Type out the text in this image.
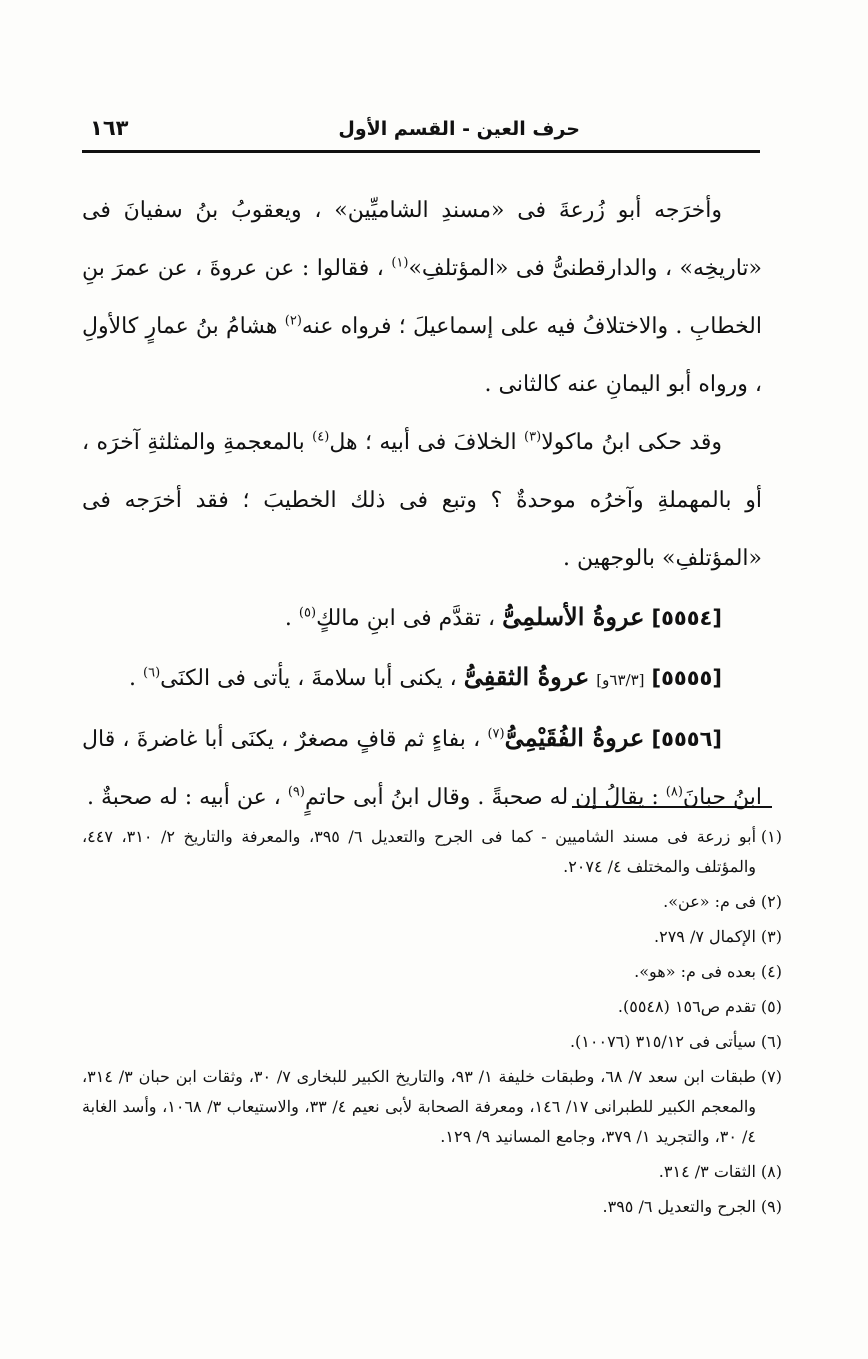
حرف العين - القسم الأول
١٦٣

وأخرَجه أبو زُرعةَ فى «مسندِ الشاميِّين» ، ويعقوبُ بنُ سفيانَ فى «تاريخِه» ، والدارقطنىُّ فى «المؤتلفِ»$^{(١)}$ ، فقالوا : عن عروةَ ، عن عمرَ بنِ الخطابِ . والاختلافُ فيه على إسماعيلَ ؛ فرواه عنه$^{(٢)}$ هشامُ بنُ عمارٍ كالأولِ ، ورواه أبو اليمانِ عنه كالثانى .

وقد حكى ابنُ ماكولا$^{(٣)}$ الخلافَ فى أبيه ؛ هل$^{(٤)}$ بالمعجمةِ والمثلثةِ آخرَه ، أو بالمهملةِ وآخرُه موحدةٌ ؟ وتبع فى ذلك الخطيبَ ؛ فقد أخرَجه فى «المؤتلفِ» بالوجهين .

[٥٥٥٤] عروةُ الأسلمِىُّ ، تقدَّم فى ابنِ مالكٍ$^{(٥)}$ .

[٥٥٥٥] [٦٣/٣و] عروةُ الثقفِىُّ ، يكنى أبا سلامةَ ، يأتى فى الكنَى$^{(٦)}$ .

[٥٥٥٦] عروةُ الفُقَيْمِىُّ$^{(٧)}$ ، بفاءٍ ثم قافٍ مصغرٌ ، يكنَى أبا غاضرةَ ، قال ابنُ حبانَ$^{(٨)}$ : يقالُ إن له صحبةً . وقال ابنُ أبى حاتمٍ$^{(٩)}$ ، عن أبيه : له صحبةٌ .

(١)
أبو زرعة فى مسند الشاميين - كما فى الجرح والتعديل ٦/ ٣٩٥، والمعرفة والتاريخ ٢/ ٣١٠، ٤٤٧، والمؤتلف والمختلف ٤/ ٢٠٧٤.
(٢)
فى م: «عن».
(٣)
الإكمال ٧/ ٢٧٩.
(٤)
بعده فى م: «هو».
(٥)
تقدم ص١٥٦ (٥٥٤٨).
(٦)
سيأتى فى ٣١٥/١٢ (١٠٠٧٦).
(٧)
طبقات ابن سعد ٧/ ٦٨، وطبقات خليفة ١/ ٩٣، والتاريخ الكبير للبخارى ٧/ ٣٠، وثقات ابن حبان ٣/ ٣١٤، والمعجم الكبير للطبرانى ١٧/ ١٤٦، ومعرفة الصحابة لأبى نعيم ٤/ ٣٣، والاستيعاب ٣/ ١٠٦٨، وأسد الغابة ٤/ ٣٠، والتجريد ١/ ٣٧٩، وجامع المسانيد ٩/ ١٢٩.
(٨)
الثقات ٣/ ٣١٤.
(٩)
الجرح والتعديل ٦/ ٣٩٥.
